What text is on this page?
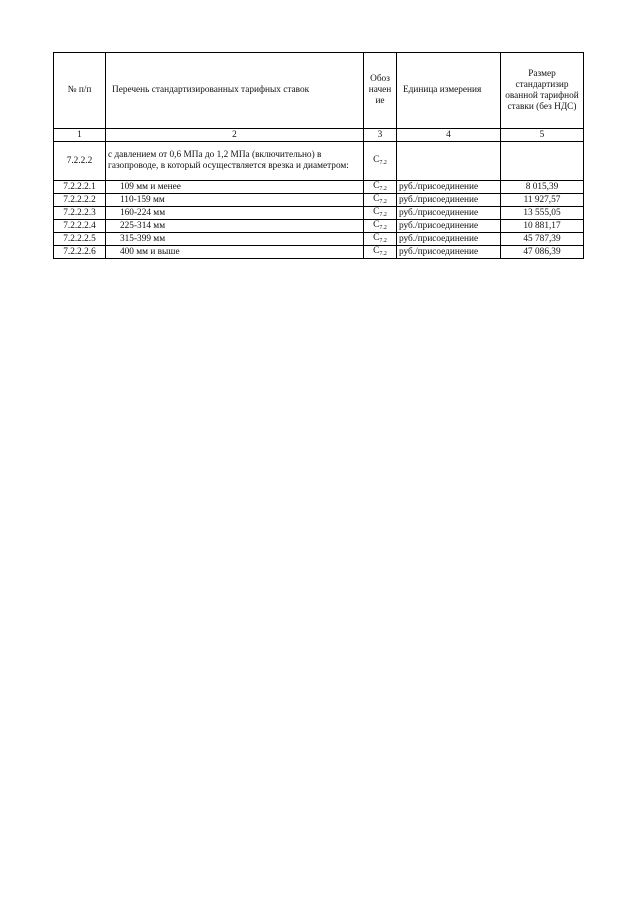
№ п/п	Перечень стандартизированных тарифных ставок	Обоз начен ие	Единица измерения	Размер стандартизир ованной тарифной ставки (без НДС)
1	2	3	4	5
7.2.2.2	с давлением от 0,6 МПа до 1,2 МПа (включительно) в газопроводе, в который осуществляется врезка и диаметром:	$С_{7.2}$		
7.2.2.2.1	109 мм и менее	$С_{7.2}$	руб./присоединение	8 015,39
7.2.2.2.2	110-159 мм	$С_{7.2}$	руб./присоединение	11 927,57
7.2.2.2.3	160-224 мм	$С_{7.2}$	руб./присоединение	13 555,05
7.2.2.2.4	225-314 мм	$С_{7.2}$	руб./присоединение	10 881,17
7.2.2.2.5	315-399 мм	$С_{7.2}$	руб./присоединение	45 787,39
7.2.2.2.6	400 мм и выше	$С_{7.2}$	руб./присоединение	47 086,39
